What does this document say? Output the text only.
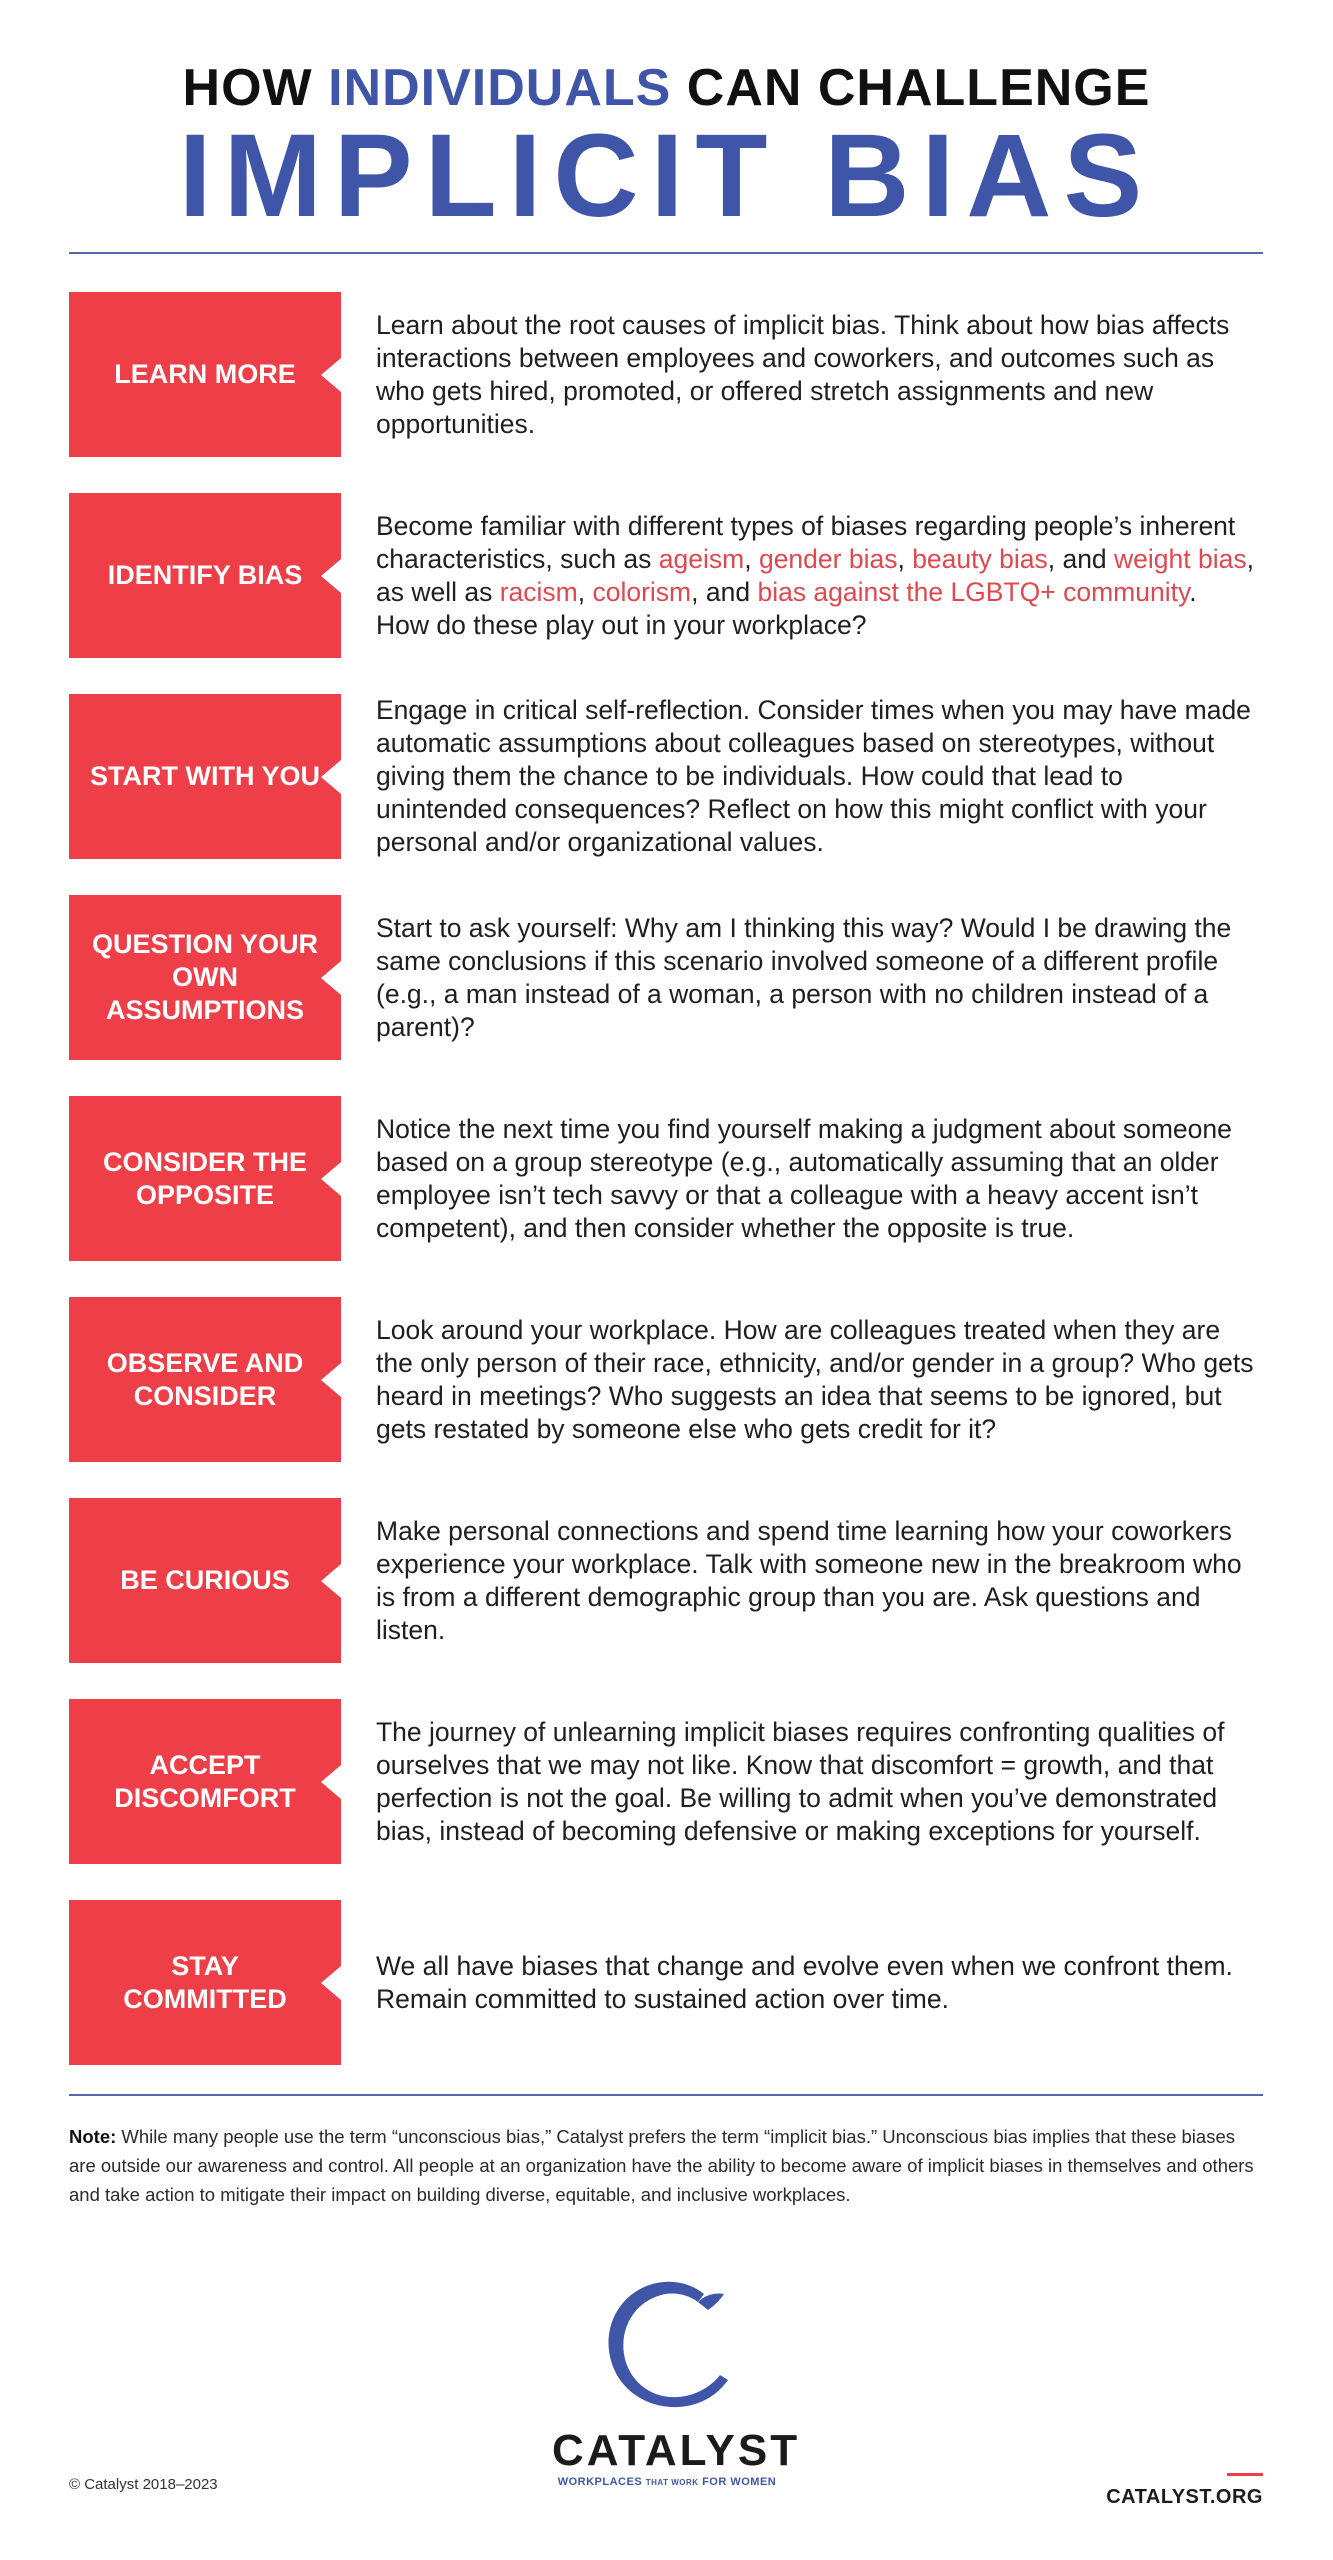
HOW INDIVIDUALS CAN CHALLENGE
IMPLICIT BIAS
LEARN MORE

Learn about the root causes of implicit bias. Think about how bias affects interactions between employees and coworkers, and outcomes such as who gets hired, promoted, or offered stretch assignments and new opportunities.

IDENTIFY BIAS

Become familiar with different types of biases regarding people’s inherent characteristics, such as ageism, gender bias, beauty bias, and weight bias, as well as racism, colorism, and bias against the LGBTQ+ community. How do these play out in your workplace?

START WITH YOU

Engage in critical self-reflection. Consider times when you may have made automatic assumptions about colleagues based on stereotypes, without giving them the chance to be individuals. How could that lead to unintended consequences? Reflect on how this might conflict with your personal and/or organizational values.

QUESTION YOUR OWN ASSUMPTIONS

Start to ask yourself: Why am I thinking this way? Would I be drawing the same conclusions if this scenario involved someone of a different profile (e.g., a man instead of a woman, a person with no children instead of a parent)?

CONSIDER THE OPPOSITE

Notice the next time you find yourself making a judgment about someone based on a group stereotype (e.g., automatically assuming that an older employee isn’t tech savvy or that a colleague with a heavy accent isn’t competent), and then consider whether the opposite is true.

OBSERVE AND CONSIDER

Look around your workplace. How are colleagues treated when they are the only person of their race, ethnicity, and/or gender in a group? Who gets heard in meetings? Who suggests an idea that seems to be ignored, but gets restated by someone else who gets credit for it?

BE CURIOUS

Make personal connections and spend time learning how your coworkers experience your workplace. Talk with someone new in the breakroom who is from a different demographic group than you are. Ask questions and listen.

ACCEPT DISCOMFORT

The journey of unlearning implicit biases requires confronting qualities of ourselves that we may not like. Know that discomfort = growth, and that perfection is not the goal. Be willing to admit when you’ve demonstrated bias, instead of becoming defensive or making exceptions for yourself.

STAY COMMITTED

We all have biases that change and evolve even when we confront them. Remain committed to sustained action over time.

Note: While many people use the term “unconscious bias,” Catalyst prefers the term “implicit bias.” Unconscious bias implies that these biases are outside our awareness and control. All people at an organization have the ability to become aware of implicit biases in themselves and others and take action to mitigate their impact on building diverse, equitable, and inclusive workplaces.
CATALYST
WORKPLACES THAT WORK FOR WOMEN
© Catalyst 2018–2023
CATALYST.ORG
